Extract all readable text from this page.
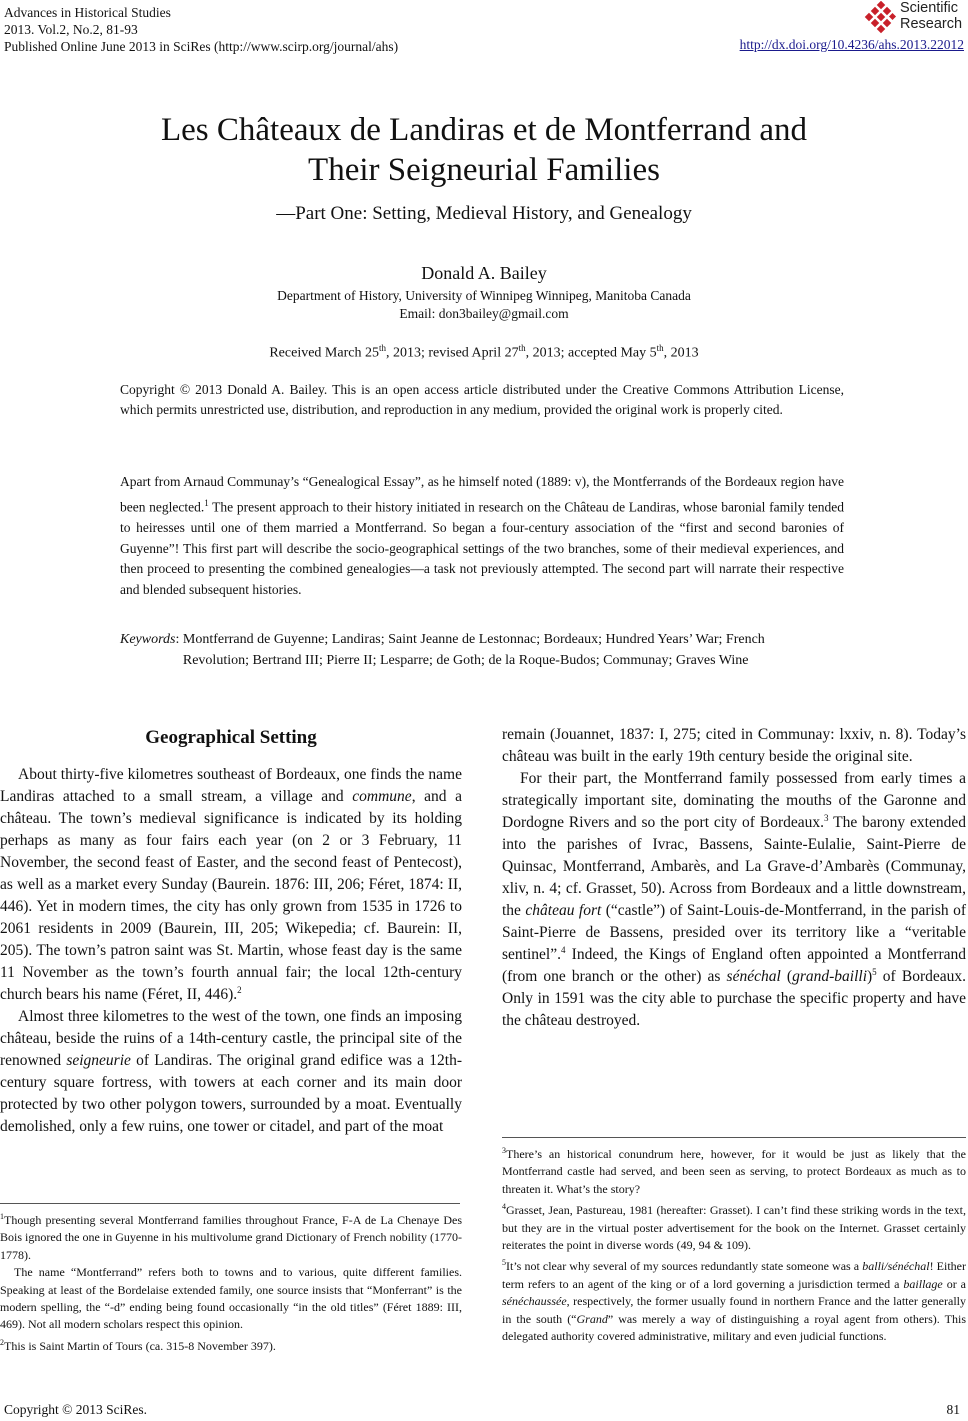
Advances in Historical Studies
2013. Vol.2, No.2, 81-93
Published Online June 2013 in SciRes (http://www.scirp.org/journal/ahs)	http://dx.doi.org/10.4236/ahs.2013.22012
Scientific
Research
Les Châteaux de Landiras et de Montferrand and
Their Seigneurial Families
—Part One: Setting, Medieval History, and Genealogy
Donald A. Bailey
Department of History, University of Winnipeg Winnipeg, Manitoba Canada
Email: don3bailey@gmail.com
Received March 25th, 2013; revised April 27th, 2013; accepted May 5th, 2013
Copyright © 2013 Donald A. Bailey. This is an open access article distributed under the Creative Commons Attribution License, which permits unrestricted use, distribution, and reproduction in any medium, provided the original work is properly cited.
Apart from Arnaud Communay’s “Genealogical Essay”, as he himself noted (1889: v), the Montferrands of the Bordeaux region have been neglected.$^1$ The present approach to their history initiated in research on the Château de Landiras, whose baronial family tended to heiresses until one of them married a Montferrand. So began a four-century association of the “first and second baronies of Guyenne”! This first part will describe the socio-geographical settings of the two branches, some of their medieval experiences, and then proceed to presenting the combined genealogies—a task not previously attempted. The second part will narrate their respective and blended subsequent histories.
Keywords: Montferrand de Guyenne; Landiras; Saint Jeanne de Lestonnac; Bordeaux; Hundred Years’ War; French Revolution; Bertrand III; Pierre II; Lesparre; de Goth; de la Roque-Budos; Communay; Graves Wine
Geographical Setting

About thirty-five kilometres southeast of Bordeaux, one finds the name Landiras attached to a small stream, a village and commune, and a château. The town’s medieval significance is indicated by its holding perhaps as many as four fairs each year (on 2 or 3 February, 11 November, the second feast of Easter, and the second feast of Pentecost), as well as a market every Sunday (Baurein. 1876: III, 206; Féret, 1874: II, 446). Yet in modern times, the city has only grown from 1535 in 1726 to 2061 residents in 2009 (Baurein, III, 205; Wikepedia; cf. Baurein: II, 205). The town’s patron saint was St. Martin, whose feast day is the same 11 November as the town’s fourth annual fair; the local 12th-century church bears his name (Féret, II, 446).$^2$

Almost three kilometres to the west of the town, one finds an imposing château, beside the ruins of a 14th-century castle, the principal site of the renowned seigneurie of Landiras. The original grand edifice was a 12th-century square fortress, with towers at each corner and its main door protected by two other polygon towers, surrounded by a moat. Eventually demolished, only a few ruins, one tower or citadel, and part of the moat

remain (Jouannet, 1837: I, 275; cited in Communay: lxxiv, n. 8). Today’s château was built in the early 19th century beside the original site.

For their part, the Montferrand family possessed from early times a strategically important site, dominating the mouths of the Garonne and Dordogne Rivers and so the port city of Bordeaux.$^3$ The barony extended into the parishes of Ivrac, Bassens, Sainte-Eulalie, Saint-Pierre de Quinsac, Montferrand, Ambarès, and La Grave-d’Ambarès (Communay, xliv, n. 4; cf. Grasset, 50). Across from Bordeaux and a little downstream, the château fort (“castle”) of Saint-Louis-de-Montferrand, in the parish of Saint-Pierre de Bassens, presided over its territory like a “veritable sentinel”.$^4$ Indeed, the Kings of England often appointed a Montferrand (from one branch or the other) as sénéchal (grand-bailli)$^5$ of Bordeaux. Only in 1591 was the city able to purchase the specific property and have the château destroyed.

$^1$Though presenting several Montferrand families throughout France, F-A de La Chenaye Des Bois ignored the one in Guyenne in his multivolume grand Dictionary of French nobility (1770-1778).

The name “Montferrand” refers both to towns and to various, quite different families. Speaking at least of the Bordelaise extended family, one source insists that “Monferrant” is the modern spelling, the “-d” ending being found occasionally “in the old titles” (Féret 1889: III, 469). Not all modern scholars respect this opinion.

$^2$This is Saint Martin of Tours (ca. 315-8 November 397).

$^3$There’s an historical conundrum here, however, for it would be just as likely that the Montferrand castle had served, and been seen as serving, to protect Bordeaux as much as to threaten it. What’s the story?

$^4$Grasset, Jean, Pastureau, 1981 (hereafter: Grasset). I can’t find these striking words in the text, but they are in the virtual poster advertisement for the book on the Internet. Grasset certainly reiterates the point in diverse words (49, 94 & 109).

$^5$It’s not clear why several of my sources redundantly state someone was a balli/sénéchal! Either term refers to an agent of the king or of a lord governing a jurisdiction termed a baillage or a sénéchaussée, respectively, the former usually found in northern France and the latter generally in the south (“Grand” was merely a way of distinguishing a royal agent from others). This delegated authority covered administrative, military and even judicial functions.

Copyright © 2013 SciRes.	81
